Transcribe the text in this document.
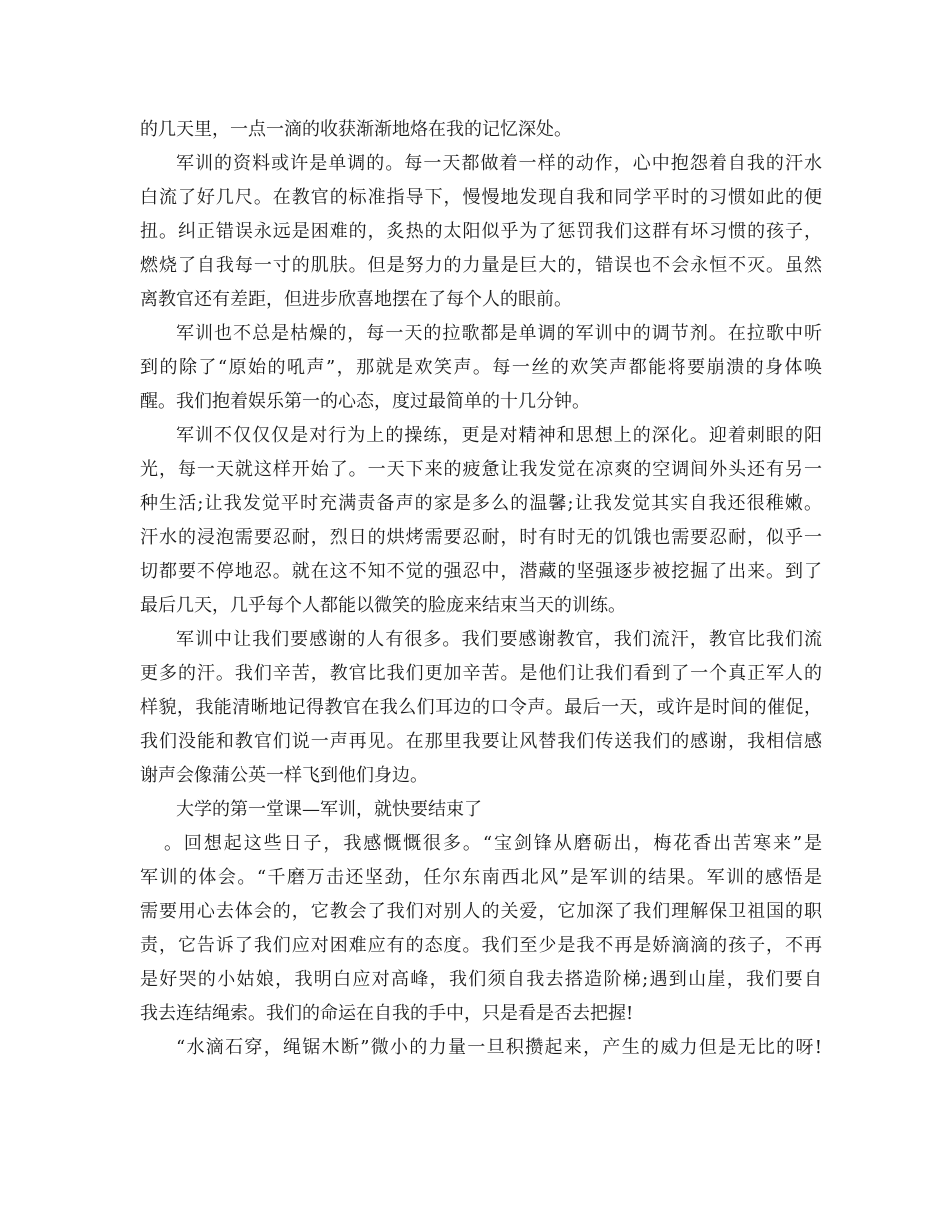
的几天里，一点一滴的收获渐渐地烙在我的记忆深处。
军训的资料或许是单调的。每一天都做着一样的动作，心中抱怨着自我的汗水
白流了好几尺。在教官的标准指导下，慢慢地发现自我和同学平时的习惯如此的便
扭。纠正错误永远是困难的，炙热的太阳似乎为了惩罚我们这群有坏习惯的孩子，
燃烧了自我每一寸的肌肤。但是努力的力量是巨大的，错误也不会永恒不灭。虽然
离教官还有差距，但进步欣喜地摆在了每个人的眼前。
军训也不总是枯燥的，每一天的拉歌都是单调的军训中的调节剂。在拉歌中听
到的除了“原始的吼声”，那就是欢笑声。每一丝的欢笑声都能将要崩溃的身体唤
醒。我们抱着娱乐第一的心态，度过最简单的十几分钟。
军训不仅仅仅是对行为上的操练，更是对精神和思想上的深化。迎着刺眼的阳
光，每一天就这样开始了。一天下来的疲惫让我发觉在凉爽的空调间外头还有另一
种生活;让我发觉平时充满责备声的家是多么的温馨;让我发觉其实自我还很稚嫩。
汗水的浸泡需要忍耐，烈日的烘烤需要忍耐，时有时无的饥饿也需要忍耐，似乎一
切都要不停地忍。就在这不知不觉的强忍中，潜藏的坚强逐步被挖掘了出来。到了
最后几天，几乎每个人都能以微笑的脸庞来结束当天的训练。
军训中让我们要感谢的人有很多。我们要感谢教官，我们流汗，教官比我们流
更多的汗。我们辛苦，教官比我们更加辛苦。是他们让我们看到了一个真正军人的
样貌，我能清晰地记得教官在我么们耳边的口令声。最后一天，或许是时间的催促，
我们没能和教官们说一声再见。在那里我要让风替我们传送我们的感谢，我相信感
谢声会像蒲公英一样飞到他们身边。
大学的第一堂课—军训，就快要结束了
。回想起这些日子，我感慨慨很多。“宝剑锋从磨砺出，梅花香出苦寒来”是
军训的体会。“千磨万击还坚劲，任尔东南西北风”是军训的结果。军训的感悟是
需要用心去体会的，它教会了我们对别人的关爱，它加深了我们理解保卫祖国的职
责，它告诉了我们应对困难应有的态度。我们至少是我不再是娇滴滴的孩子，不再
是好哭的小姑娘，我明白应对高峰，我们须自我去搭造阶梯;遇到山崖，我们要自
我去连结绳索。我们的命运在自我的手中，只是看是否去把握!
“水滴石穿，绳锯木断”微小的力量一旦积攒起来，产生的威力但是无比的呀!
